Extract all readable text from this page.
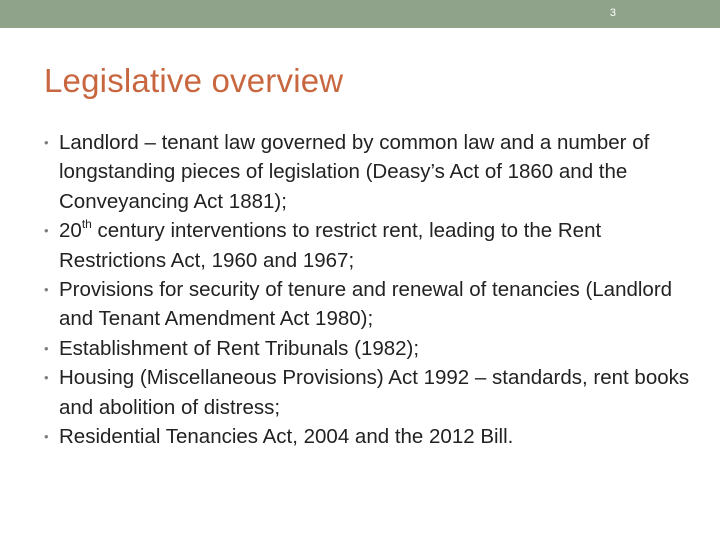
3
Legislative overview
• Landlord – tenant law governed by common law and a number of longstanding pieces of legislation (Deasy’s Act of 1860 and the Conveyancing Act 1881);
• 20th century interventions to restrict rent, leading to the Rent Restrictions Act, 1960 and 1967;
• Provisions for security of tenure and renewal of tenancies (Landlord and Tenant Amendment Act 1980);
• Establishment of Rent Tribunals (1982);
• Housing (Miscellaneous Provisions) Act 1992 – standards, rent books and abolition of distress;
• Residential Tenancies Act, 2004 and the 2012 Bill.
